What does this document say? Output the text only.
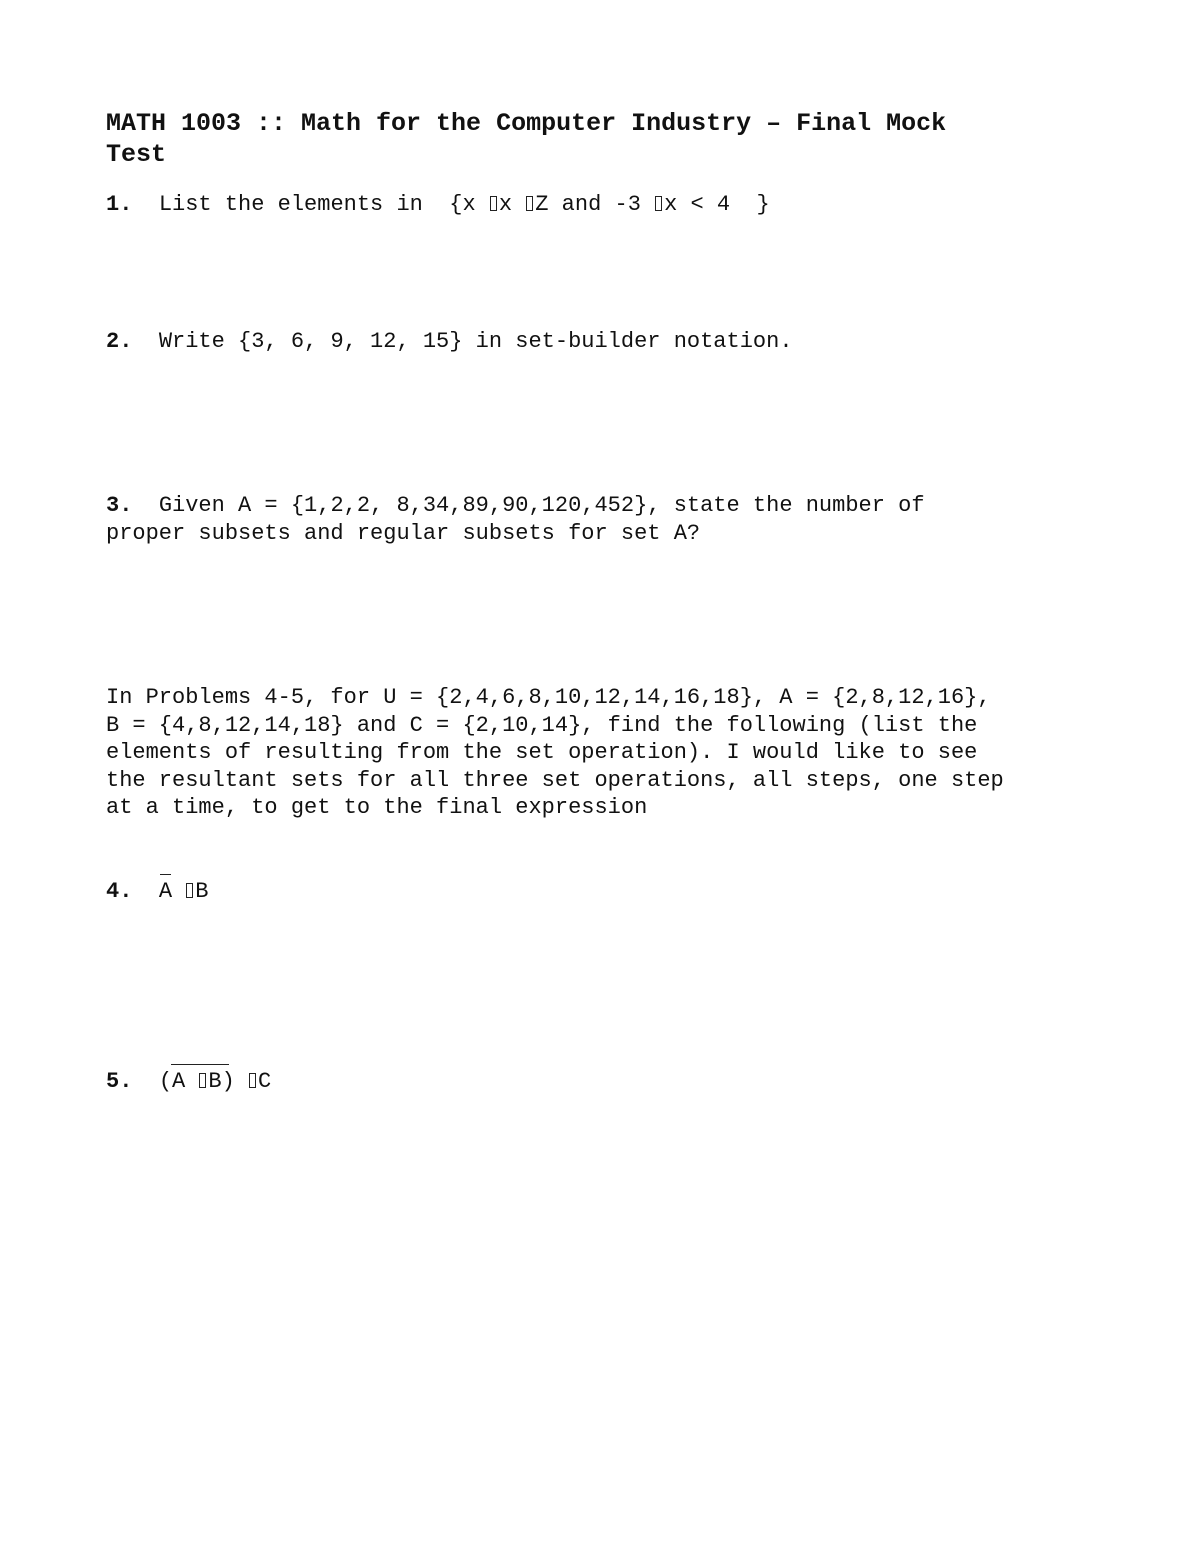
MATH 1003 :: Math for the Computer Industry – Final Mock
Test
1. List the elements in  {x x Z and -3 x < 4  }
2. Write {3, 6, 9, 12, 15} in set-builder notation.
3. Given A = {1,2,2, 8,34,89,90,120,452}, state the number of
proper subsets and regular subsets for set A?
In Problems 4-5, for U = {2,4,6,8,10,12,14,16,18}, A = {2,8,12,16},
B = {4,8,12,14,18} and C = {2,10,14}, find the following (list the
elements of resulting from the set operation). I would like to see
the resultant sets for all three set operations, all steps, one step
at a time, to get to the final expression
4. A B
5. (A B) C
